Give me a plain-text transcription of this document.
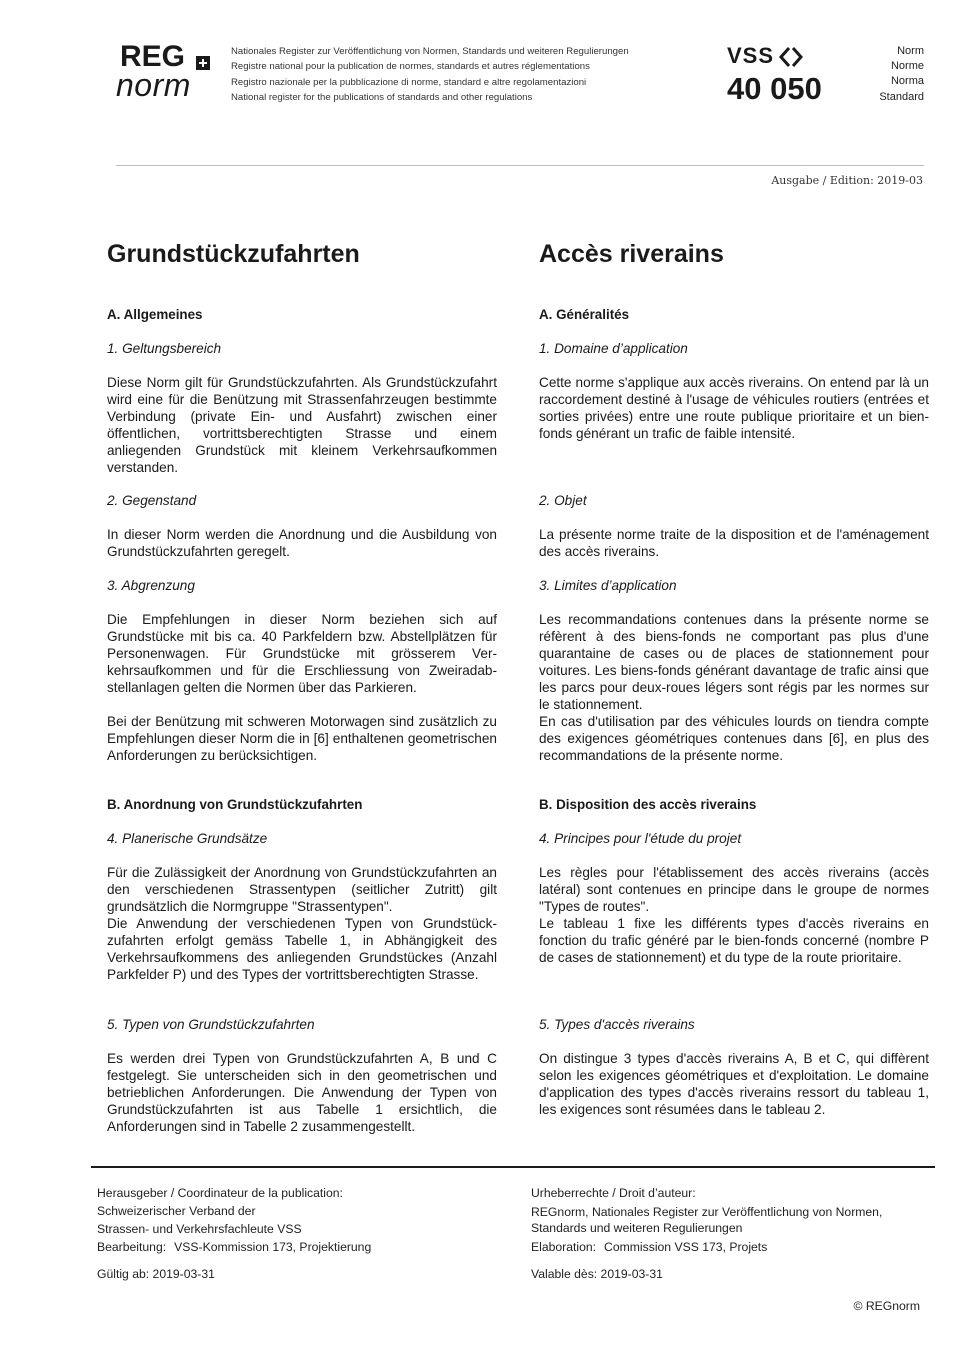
REG
norm
Nationales Register zur Veröffentlichung von Normen, Standards und weiteren Regulierungen
Registre national pour la publication de normes, standards et autres réglementations
Registro nazionale per la pubblicazione di norme, standard e altre regolamentazioni
National register for the publications of standards and other regulations
VSS
40 050
Norm
Norme
Norma
Standard
Ausgabe / Edition: 2019-03
Grundstückzufahrten
A. Allgemeines
1. Geltungsbereich
Diese Norm gilt für Grundstückzufahrten. Als Grundstückzufahrt wird eine für die Benützung mit Strassenfahrzeugen bestimmte Verbindung (private Ein- und Ausfahrt) zwischen einer öffentlichen, vortrittsberechtigten Strasse und einem anliegenden Grundstück mit kleinem Verkehrsaufkommen verstanden.
2. Gegenstand
In dieser Norm werden die Anordnung und die Ausbildung von Grundstückzufahrten geregelt.
3. Abgrenzung
Die Empfehlungen in dieser Norm beziehen sich auf Grundstücke mit bis ca. 40 Parkfeldern bzw. Abstellplätzen für Personenwagen. Für Grundstücke mit grösserem Verkehrsaufkommen und für die Erschliessung von Zweiradabstellanlagen gelten die Normen über das Parkieren.
Bei der Benützung mit schweren Motorwagen sind zusätzlich zu Empfehlungen dieser Norm die in [6] enthaltenen geometrischen Anforderungen zu berücksichtigen.
B. Anordnung von Grundstückzufahrten
4. Planerische Grundsätze
Für die Zulässigkeit der Anordnung von Grundstückzufahrten an den verschiedenen Strassentypen (seitlicher Zutritt) gilt grundsätzlich die Normgruppe "Strassentypen".
Die Anwendung der verschiedenen Typen von Grundstückzufahrten erfolgt gemäss Tabelle 1, in Abhängigkeit des Verkehrsaufkommens des anliegenden Grundstückes (Anzahl Parkfelder P) und des Types der vortrittsberechtigten Strasse.
5. Typen von Grundstückzufahrten
Es werden drei Typen von Grundstückzufahrten A, B und C festgelegt. Sie unterscheiden sich in den geometrischen und betrieblichen Anforderungen. Die Anwendung der Typen von Grundstückzufahrten ist aus Tabelle 1 ersichtlich, die Anforderungen sind in Tabelle 2 zusammengestellt.
Accès riverains
A. Généralités
1. Domaine d’application
Cette norme s'applique aux accès riverains. On entend par là un raccordement destiné à l'usage de véhicules routiers (entrées et sorties privées) entre une route publique prioritaire et un bien-fonds générant un trafic de faible intensité.
2. Objet
La présente norme traite de la disposition et de l'aménagement des accès riverains.
3. Limites d’application
Les recommandations contenues dans la présente norme se réfèrent à des biens-fonds ne comportant pas plus d'une quarantaine de cases ou de places de stationnement pour voitures. Les biens-fonds générant davantage de trafic ainsi que les parcs pour deux-roues légers sont régis par les normes sur le stationnement.
En cas d'utilisation par des véhicules lourds on tiendra compte des exigences géométriques contenues dans [6], en plus des recommandations de la présente norme.
B. Disposition des accès riverains
4. Principes pour l'étude du projet
Les règles pour l'établissement des accès riverains (accès latéral) sont contenues en principe dans le groupe de normes "Types de routes".
Le tableau 1 fixe les différents types d'accès riverains en fonction du trafic généré par le bien-fonds concerné (nombre P de cases de stationnement) et du type de la route prioritaire.
5. Types d'accès riverains
On distingue 3 types d'accès riverains A, B et C, qui diffèrent selon les exigences géométriques et d'exploitation. Le domaine d'application des types d'accès riverains ressort du tableau 1, les exigences sont résumées dans le tableau 2.
Herausgeber / Coordinateur de la publication:
Schweizerischer Verband der
Strassen- und Verkehrsfachleute VSS
Bearbeitung: VSS-Kommission 173, Projektierung
Urheberrechte / Droit d’auteur:
REGnorm, Nationales Register zur Veröffentlichung von Normen, Standards und weiteren Regulierungen
Elaboration: Commission VSS 173, Projets
Gültig ab: 2019-03-31	Valable dès: 2019-03-31
© REGnorm
